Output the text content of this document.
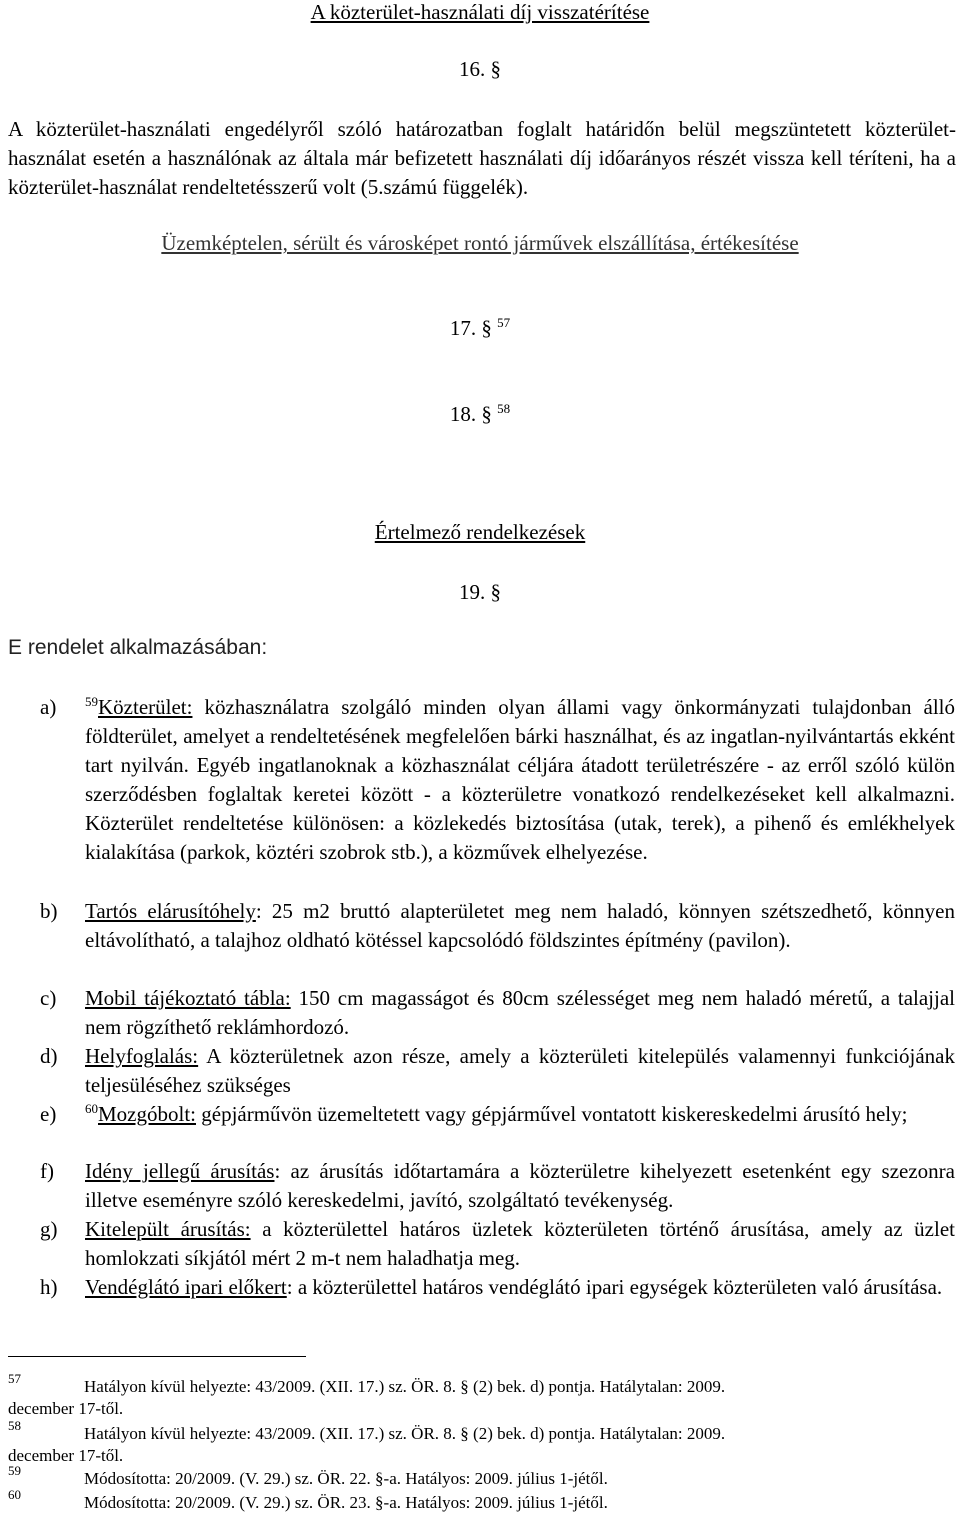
A közterület-használati díj visszatérítése
16. §
A közterület-használati engedélyről szóló határozatban foglalt határidőn belül megszüntetett közterület-használat esetén a használónak az általa már befizetett használati díj időarányos részét vissza kell téríteni, ha a közterület-használat rendeltetésszerű volt (5.számú függelék).
Üzemképtelen, sérült és városképet rontó járművek elszállítása, értékesítése
17. § $^{57}$
18. § $^{58}$
Értelmező rendelkezések
19. §
E rendelet alkalmazásában:
a)	$^{59}$Közterület: közhasználatra szolgáló minden olyan állami vagy önkormányzati tulajdonban álló földterület, amelyet a rendeltetésének megfelelően bárki használhat, és az ingatlan-nyilvántartás ekként tart nyilván. Egyéb ingatlanoknak a közhasználat céljára átadott területrészére - az erről szóló külön szerződésben foglaltak keretei között - a közterületre vonatkozó rendelkezéseket kell alkalmazni. Közterület rendeltetése különösen: a közlekedés biztosítása (utak, terek), a pihenő és emlékhelyek kialakítása (parkok, köztéri szobrok stb.), a közművek elhelyezése.
b)	Tartós elárusítóhely: 25 m2 bruttó alapterületet meg nem haladó, könnyen szétszedhető, könnyen eltávolítható, a talajhoz oldható kötéssel kapcsolódó földszintes építmény (pavilon).
c)	Mobil tájékoztató tábla: 150 cm magasságot és 80cm szélességet meg nem haladó méretű, a talajjal nem rögzíthető reklámhordozó.
d)	Helyfoglalás: A közterületnek azon része, amely a közterületi kitelepülés valamennyi funkciójának teljesüléséhez szükséges
e)	$^{60}$Mozgóbolt: gépjárművön üzemeltetett vagy gépjárművel vontatott kiskereskedelmi árusító hely;
f)	Idény jellegű árusítás: az árusítás időtartamára a közterületre kihelyezett esetenként egy szezonra illetve eseményre szóló kereskedelmi, javító, szolgáltató tevékenység.
g)	Kitelepült árusítás: a közterülettel határos üzletek közterületen történő árusítása, amely az üzlet homlokzati síkjától mért 2 m-t nem haladhatja meg.
h)	Vendéglátó ipari előkert: a közterülettel határos vendéglátó ipari egységek közterületen való árusítása.
57	Hatályon kívül helyezte: 43/2009. (XII. 17.) sz. ÖR. 8. § (2) bek. d) pontja. Hatálytalan: 2009.
december 17-től.
58	Hatályon kívül helyezte: 43/2009. (XII. 17.) sz. ÖR. 8. § (2) bek. d) pontja. Hatálytalan: 2009.
december 17-től.
59	Módosította: 20/2009. (V. 29.) sz. ÖR. 22. §-a. Hatályos: 2009. július 1-jétől.
60	Módosította: 20/2009. (V. 29.) sz. ÖR. 23. §-a. Hatályos: 2009. július 1-jétől.
